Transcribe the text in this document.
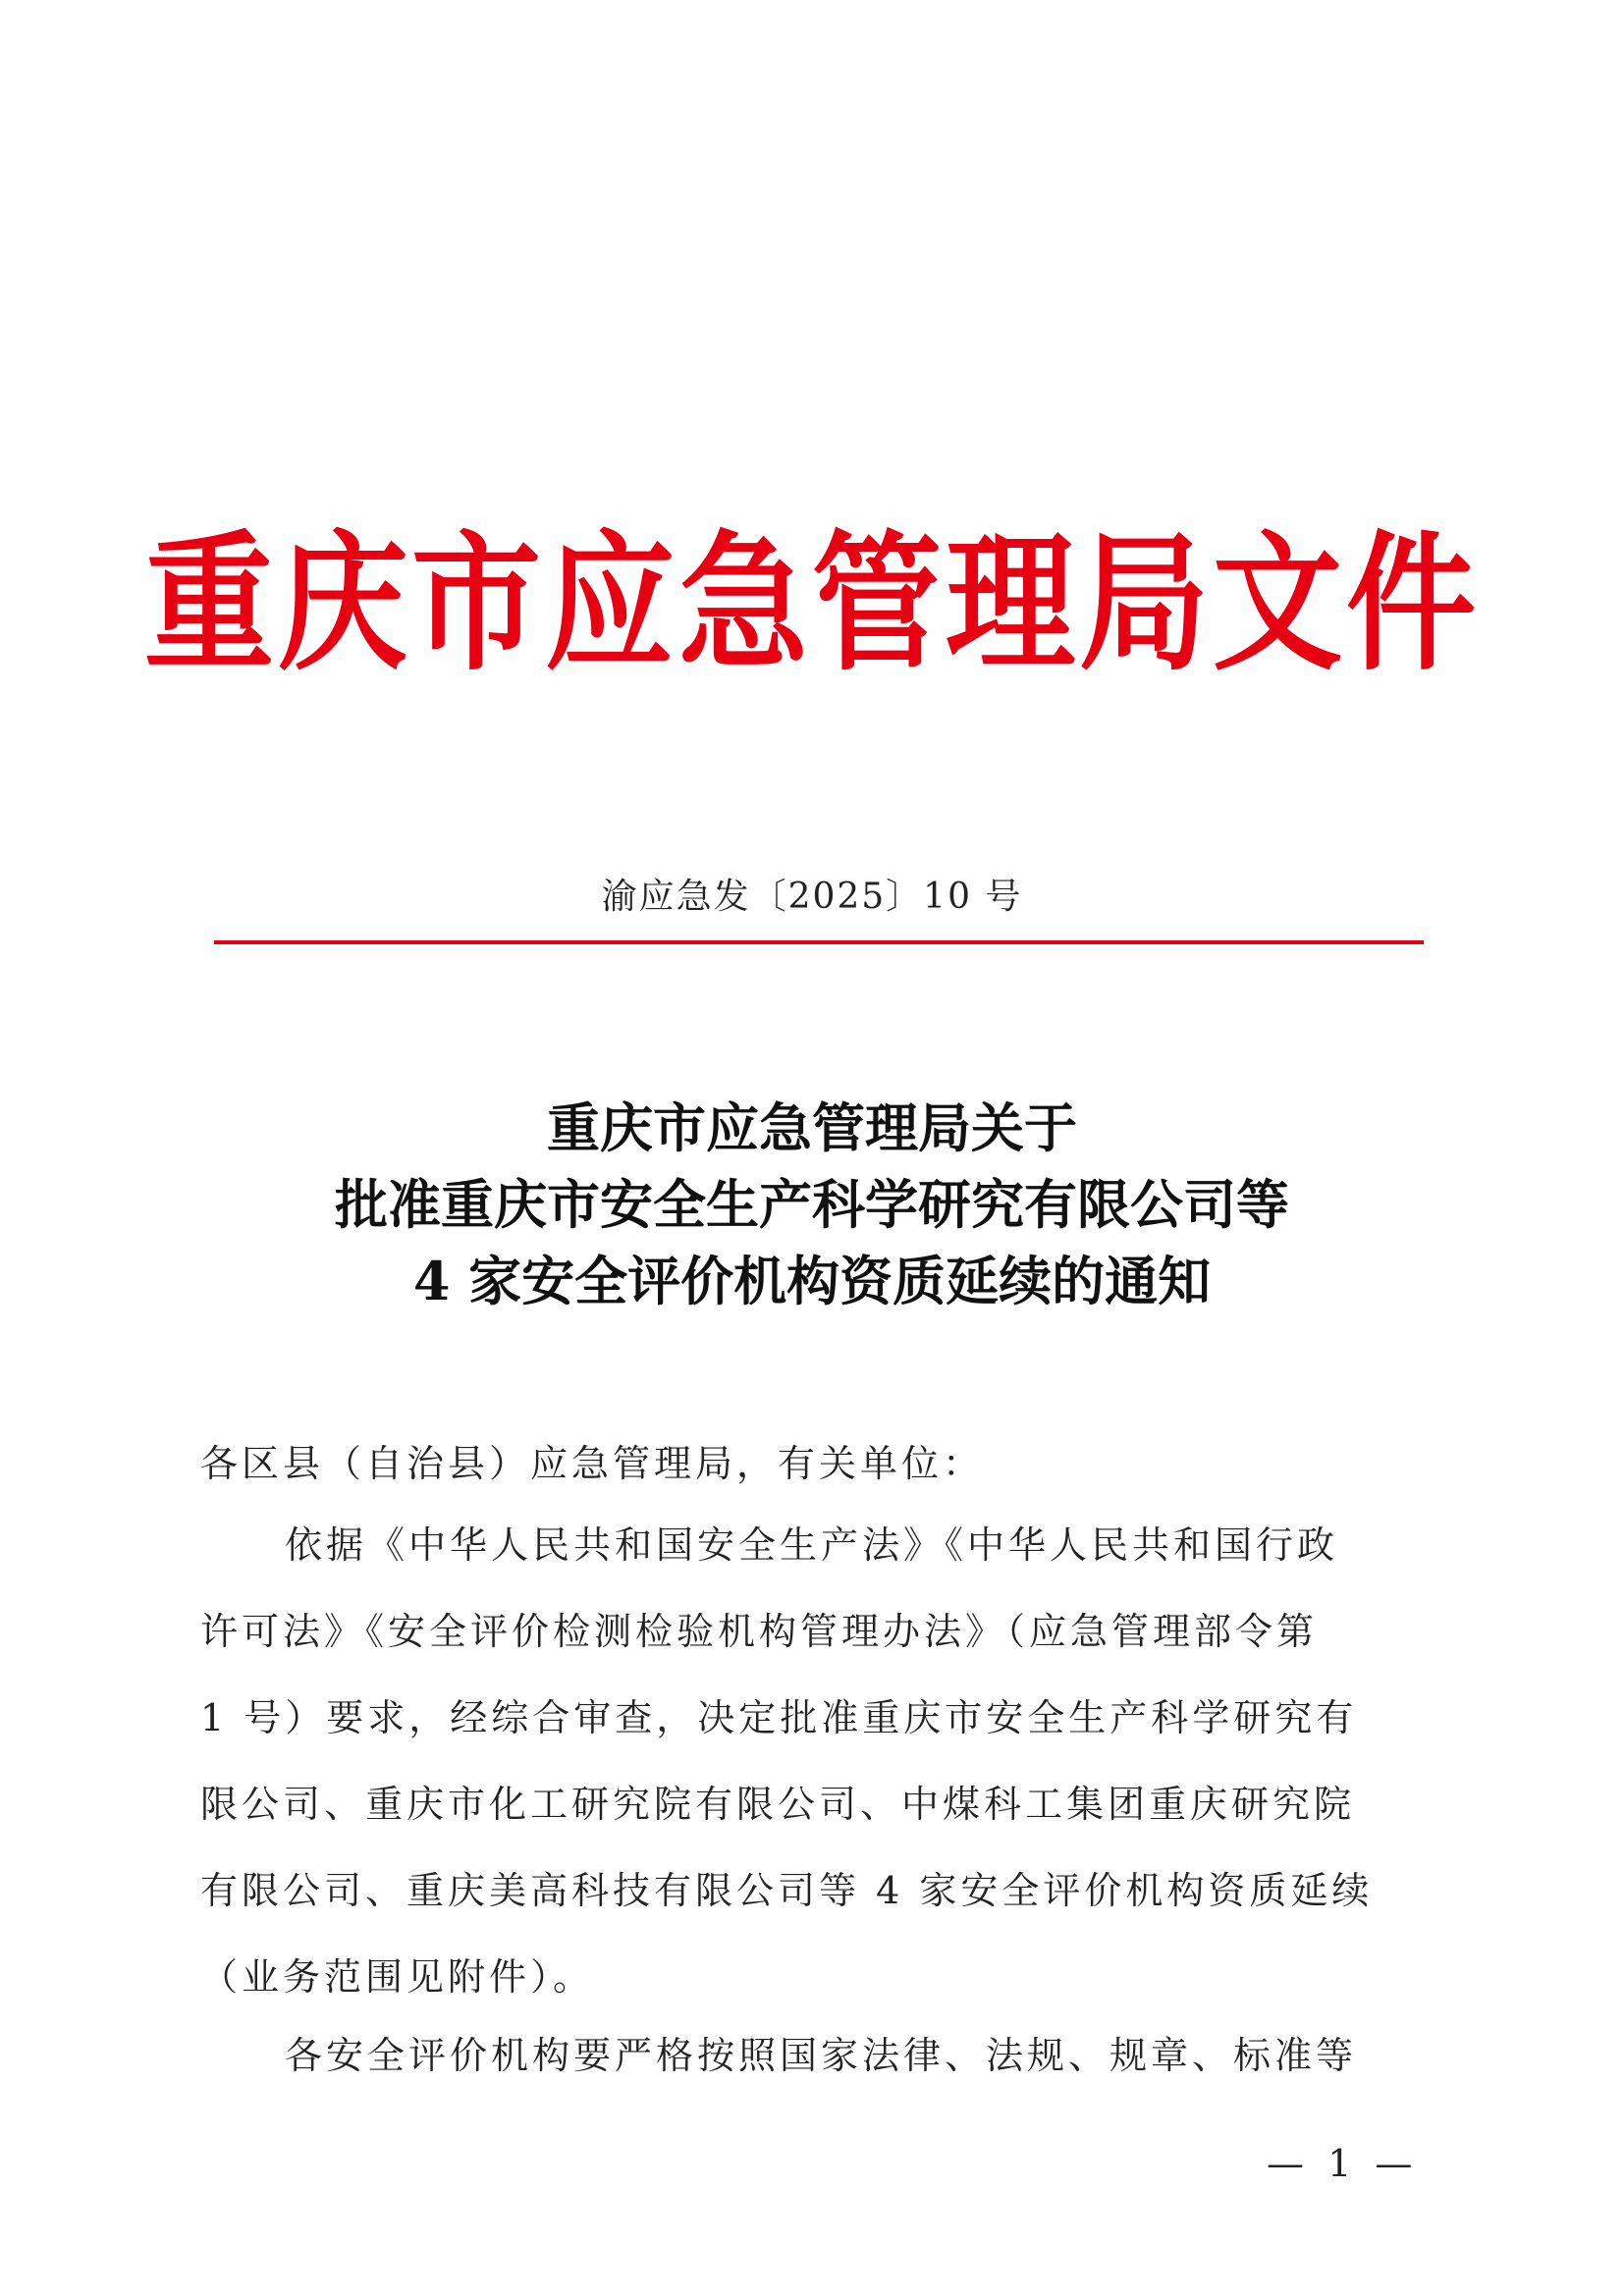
重庆市应急管理局文件
渝应急发〔2025〕10 号
重庆市应急管理局关于
批准重庆市安全生产科学研究有限公司等
4 家安全评价机构资质延续的通知
各区县（自治县）应急管理局，有关单位：
依据《中华人民共和国安全生产法》《中华人民共和国行政
许可法》《安全评价检测检验机构管理办法》（应急管理部令第
1 号）要求，经综合审查，决定批准重庆市安全生产科学研究有
限公司、重庆市化工研究院有限公司、中煤科工集团重庆研究院
有限公司、重庆美高科技有限公司等 4 家安全评价机构资质延续
（业务范围见附件）。
各安全评价机构要严格按照国家法律、法规、规章、标准等
— 1 —
